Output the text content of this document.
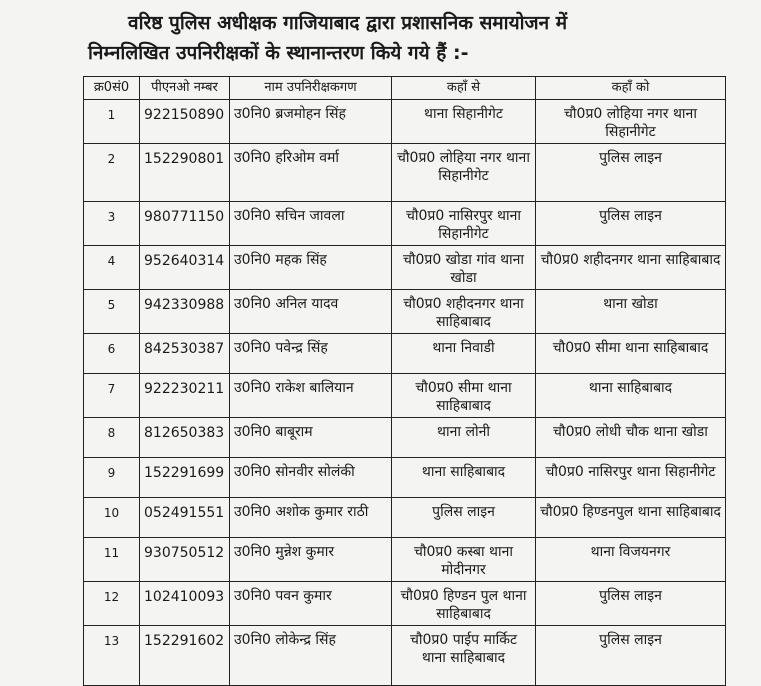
वरिष्ठ पुलिस अधीक्षक गाजियाबाद द्वारा प्रशासनिक समायोजन में
निम्नलिखित उपनिरीक्षकों के स्थानान्तरण किये गये हैं :-
क्र0सं0	पीएनओ नम्बर	नाम उपनिरीक्षकगण	कहाँ से	कहाँ को
1	922150890	उ0नि0 ब्रजमोहन सिंह	थाना सिहानीगेट	चौ0प्र0 लोहिया नगर थाना सिहानीगेट
2	152290801	उ0नि0 हरिओम वर्मा	चौ0प्र0 लोहिया नगर थाना सिहानीगेट	पुलिस लाइन
3	980771150	उ0नि0 सचिन जावला	चौ0प्र0 नासिरपुर थाना सिहानीगेट	पुलिस लाइन
4	952640314	उ0नि0 महक सिंह	चौ0प्र0 खोडा गांव थाना खोडा	चौ0प्र0 शहीदनगर थाना साहिबाबाद
5	942330988	उ0नि0 अनिल यादव	चौ0प्र0 शहीदनगर थाना साहिबाबाद	थाना खोडा
6	842530387	उ0नि0 पवेन्द्र सिंह	थाना निवाडी	चौ0प्र0 सीमा थाना साहिबाबाद
7	922230211	उ0नि0 राकेश बालियान	चौ0प्र0 सीमा थाना साहिबाबाद	थाना साहिबाबाद
8	812650383	उ0नि0 बाबूराम	थाना लोनी	चौ0प्र0 लोधी चौक थाना खोडा
9	152291699	उ0नि0 सोनवीर सोलंकी	थाना साहिबाबाद	चौ0प्र0 नासिरपुर थाना सिहानीगेट
10	052491551	उ0नि0 अशोक कुमार राठी	पुलिस लाइन	चौ0प्र0 हिण्डनपुल थाना साहिबाबाद
11	930750512	उ0नि0 मुन्नेश कुमार	चौ0प्र0 कस्बा थाना मोदीनगर	थाना विजयनगर
12	102410093	उ0नि0 पवन कुमार	चौ0प्र0 हिण्डन पुल थाना साहिबाबाद	पुलिस लाइन
13	152291602	उ0नि0 लोकेन्द्र सिंह	चौ0प्र0 पाईप मार्किट थाना साहिबाबाद	पुलिस लाइन
